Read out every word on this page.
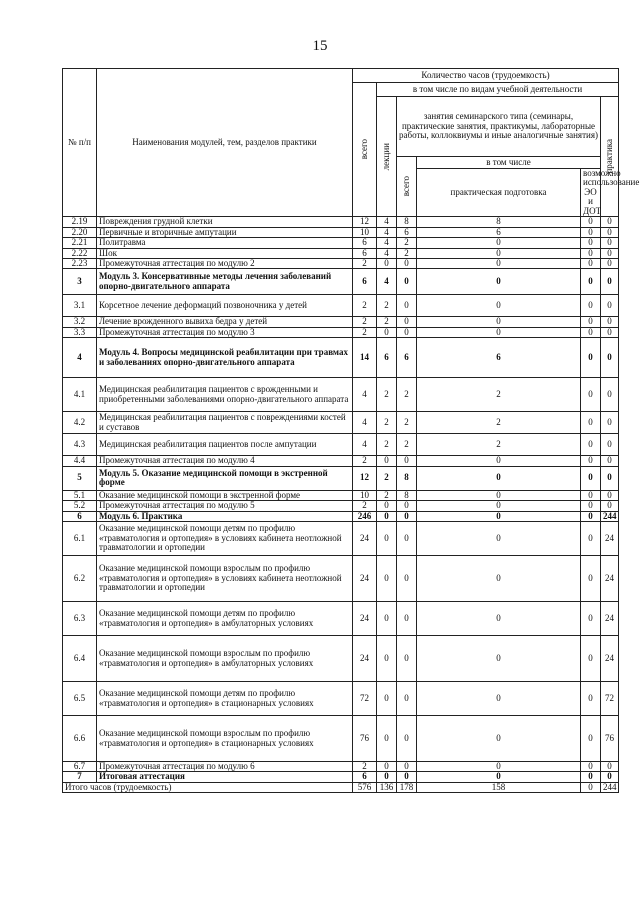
15
№ п/п	Наименования модулей, тем, разделов практики	Количество часов (трудоемкость)						

		всего	в том числе по видам учебной деятельности					

			лекции	занятия семинарского типа (семинары, практические занятия, практикумы, лабораторные работы, коллоквиумы и иные аналогичные занятия)			практика

				всего	в том числе			
					практическая подготовка	возможно использование ЭО и ДОТ		
2.19	Повреждения грудной клетки	12	4	8	8	0	0	
2.20	Первичные и вторичные ампутации	10	4	6	6	0	0	
2.21	Политравма	6	4	2	0	0	0	
2.22	Шок	6	4	2	0	0	0	
2.23	Промежуточная аттестация по модулю 2	2	0	0	0	0	0	
3	Модуль 3. Консервативные методы лечения заболеваний опорно-двигательного аппарата	6	4	0	0	0	0	
3.1	Корсетное лечение деформаций позвоночника у детей	2	2	0	0	0	0	
3.2	Лечение врожденного вывиха бедра у детей	2	2	0	0	0	0	
3.3	Промежуточная аттестация по модулю 3	2	0	0	0	0	0	
4	Модуль 4. Вопросы медицинской реабилитации при травмах и заболеваниях опорно-двигательного аппарата	14	6	6	6	0	0	
4.1	Медицинская реабилитация пациентов с врожденными и приобретенными заболеваниями опорно-двигательного аппарата	4	2	2	2	0	0	
4.2	Медицинская реабилитация пациентов с повреждениями костей и суставов	4	2	2	2	0	0	
4.3	Медицинская реабилитация пациентов после ампутации	4	2	2	2	0	0	
4.4	Промежуточная аттестация по модулю 4	2	0	0	0	0	0	
5	Модуль 5. Оказание медицинской помощи в экстренной форме	12	2	8	0	0	0	
5.1	Оказание медицинской помощи в экстренной форме	10	2	8	0	0	0	
5.2	Промежуточная аттестация по модулю 5	2	0	0	0	0	0	
6	Модуль 6. Практика	246	0	0	0	0	244	
6.1	Оказание медицинской помощи детям по профилю «травматология и ортопедия» в условиях кабинета неотложной травматологии и ортопедии	24	0	0	0	0	24	
6.2	Оказание медицинской помощи взрослым по профилю «травматология и ортопедия» в условиях кабинета неотложной травматологии и ортопедии	24	0	0	0	0	24	
6.3	Оказание медицинской помощи детям по профилю «травматология и ортопедия» в амбулаторных условиях	24	0	0	0	0	24	
6.4	Оказание медицинской помощи взрослым по профилю «травматология и ортопедия» в амбулаторных условиях	24	0	0	0	0	24	
6.5	Оказание медицинской помощи детям по профилю «травматология и ортопедия» в стационарных условиях	72	0	0	0	0	72	
6.6	Оказание медицинской помощи взрослым по профилю «травматология и ортопедия» в стационарных условиях	76	0	0	0	0	76	
6.7	Промежуточная аттестация по модулю 6	2	0	0	0	0	0	
7	Итоговая аттестация	6	0	0	0	0	0	
Итого часов (трудоемкость)		576	136	178	158	0	244	
